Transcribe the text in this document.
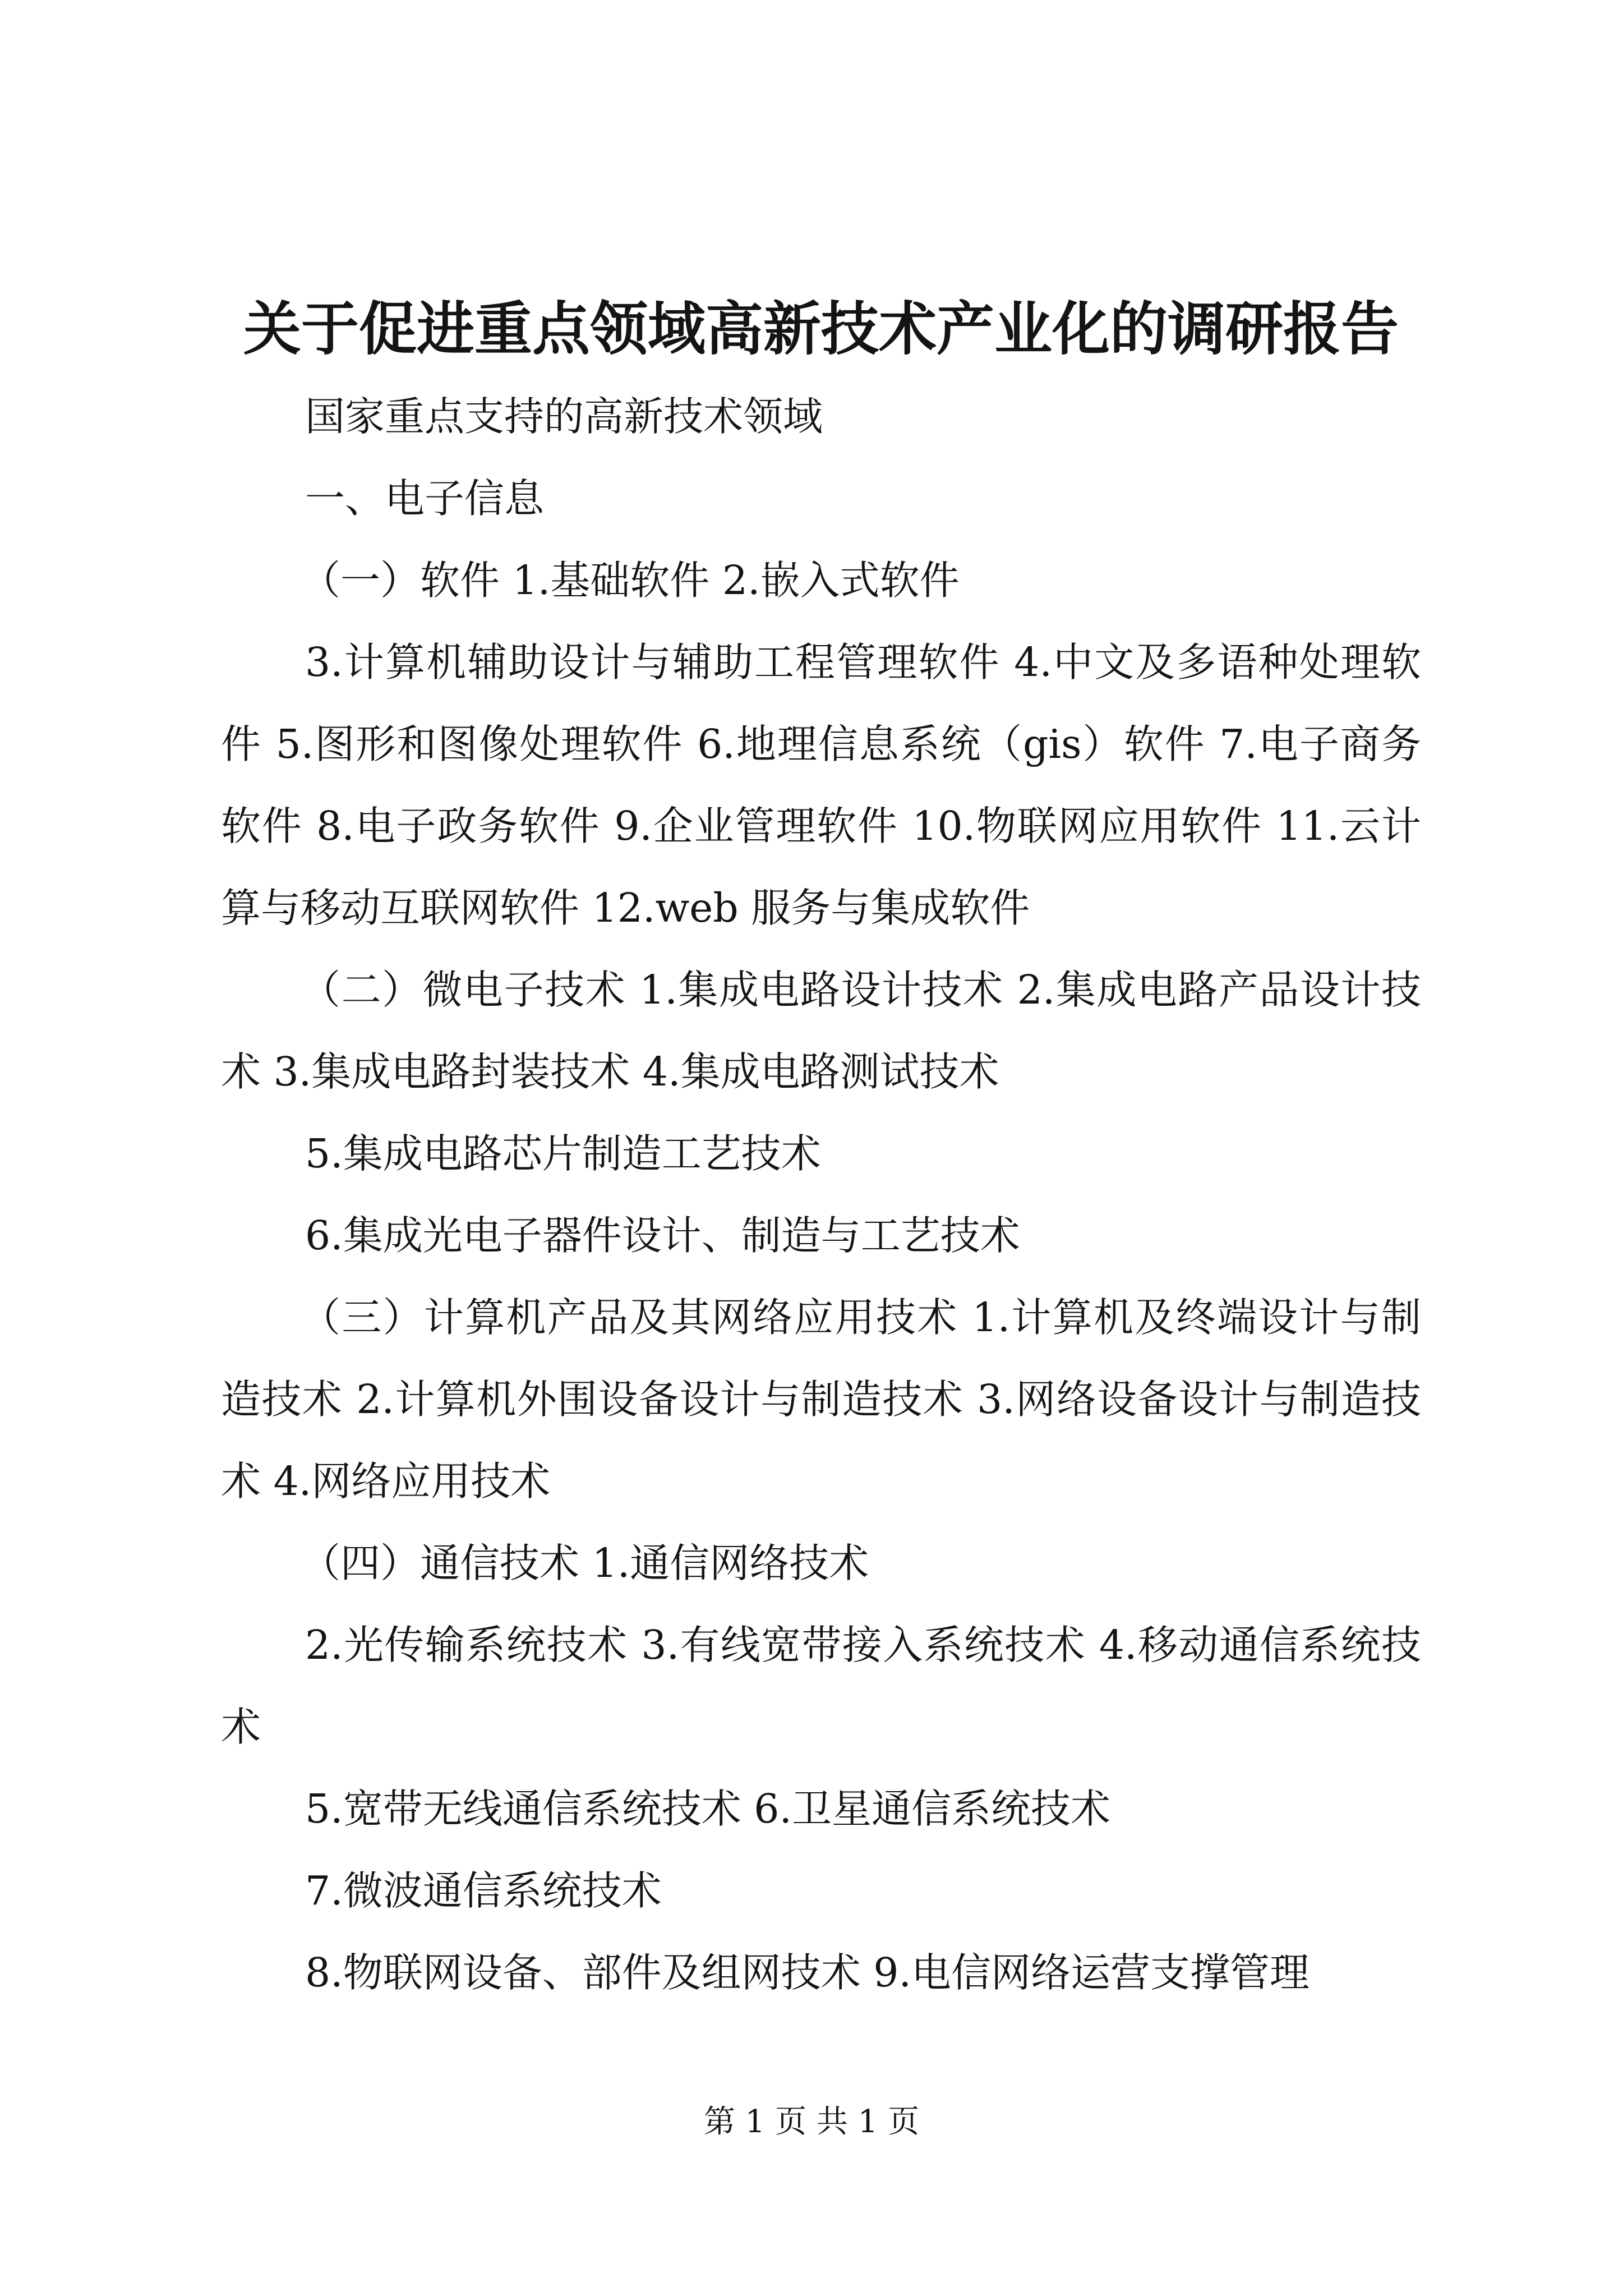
关于促进重点领域高新技术产业化的调研报告

国家重点支持的高新技术领域

一、电子信息

（一）软件 1.基础软件 2.嵌入式软件

3.计算机辅助设计与辅助工程管理软件 4.中文及多语种处理软件 5.图形和图像处理软件 6.地理信息系统（gis）软件 7.电子商务软件 8.电子政务软件 9.企业管理软件 10.物联网应用软件 11.云计算与移动互联网软件 12.web 服务与集成软件

（二）微电子技术 1.集成电路设计技术 2.集成电路产品设计技术 3.集成电路封装技术 4.集成电路测试技术

5.集成电路芯片制造工艺技术

6.集成光电子器件设计、制造与工艺技术

（三）计算机产品及其网络应用技术 1.计算机及终端设计与制造技术 2.计算机外围设备设计与制造技术 3.网络设备设计与制造技术 4.网络应用技术

（四）通信技术 1.通信网络技术

2.光传输系统技术 3.有线宽带接入系统技术 4.移动通信系统技术

5.宽带无线通信系统技术 6.卫星通信系统技术

7.微波通信系统技术

8.物联网设备、部件及组网技术 9.电信网络运营支撑管理

第 1 页 共 1 页
